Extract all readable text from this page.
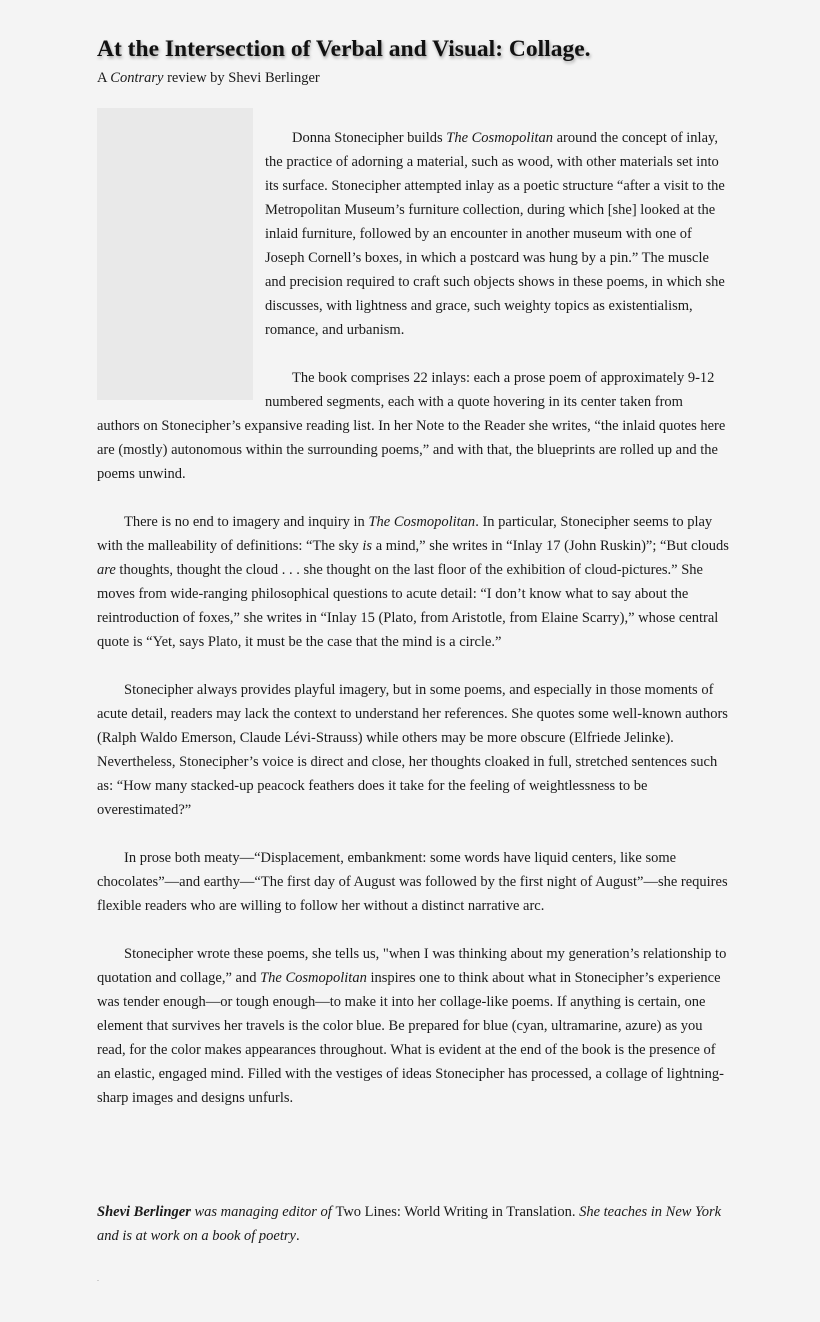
At the Intersection of Verbal and Visual: Collage.

A Contrary review by Shevi Berlinger

Donna Stonecipher builds The Cosmopolitan around the concept of inlay, the practice of adorning a material, such as wood, with other materials set into its surface. Stonecipher attempted inlay as a poetic structure “after a visit to the Metropolitan Museum’s furniture collection, during which [she] looked at the inlaid furniture, followed by an encounter in another museum with one of Joseph Cornell’s boxes, in which a postcard was hung by a pin.” The muscle and precision required to craft such objects shows in these poems, in which she discusses, with lightness and grace, such weighty topics as existentialism, romance, and urbanism.

The book comprises 22 inlays: each a prose poem of approximately 9-12 numbered segments, each with a quote hovering in its center taken from authors on Stonecipher’s expansive reading list. In her Note to the Reader she writes, “the inlaid quotes here are (mostly) autonomous within the surrounding poems,” and with that, the blueprints are rolled up and the poems unwind.

There is no end to imagery and inquiry in The Cosmopolitan. In particular, Stonecipher seems to play with the malleability of definitions: “The sky is a mind,” she writes in “Inlay 17 (John Ruskin)”; “But clouds are thoughts, thought the cloud . . . she thought on the last floor of the exhibition of cloud-pictures.” She moves from wide-ranging philosophical questions to acute detail: “I don’t know what to say about the reintroduction of foxes,” she writes in “Inlay 15 (Plato, from Aristotle, from Elaine Scarry),” whose central quote is “Yet, says Plato, it must be the case that the mind is a circle.”

Stonecipher always provides playful imagery, but in some poems, and especially in those moments of acute detail, readers may lack the context to understand her references. She quotes some well-known authors (Ralph Waldo Emerson, Claude Lévi-Strauss) while others may be more obscure (Elfriede Jelinke). Nevertheless, Stonecipher’s voice is direct and close, her thoughts cloaked in full, stretched sentences such as: “How many stacked-up peacock feathers does it take for the feeling of weightlessness to be overestimated?”

In prose both meaty—“Displacement, embankment: some words have liquid centers, like some chocolates”—and earthy—“The first day of August was followed by the first night of August”—she requires flexible readers who are willing to follow her without a distinct narrative arc.

Stonecipher wrote these poems, she tells us, "when I was thinking about my generation’s relationship to quotation and collage,” and The Cosmopolitan inspires one to think about what in Stonecipher’s experience was tender enough—or tough enough—to make it into her collage-like poems. If anything is certain, one element that survives her travels is the color blue. Be prepared for blue (cyan, ultramarine, azure) as you read, for the color makes appearances throughout. What is evident at the end of the book is the presence of an elastic, engaged mind. Filled with the vestiges of ideas Stonecipher has processed, a collage of lightning-sharp images and designs unfurls.

Shevi Berlinger was managing editor of Two Lines: World Writing in Translation. She teaches in New York and is at work on a book of poetry.
